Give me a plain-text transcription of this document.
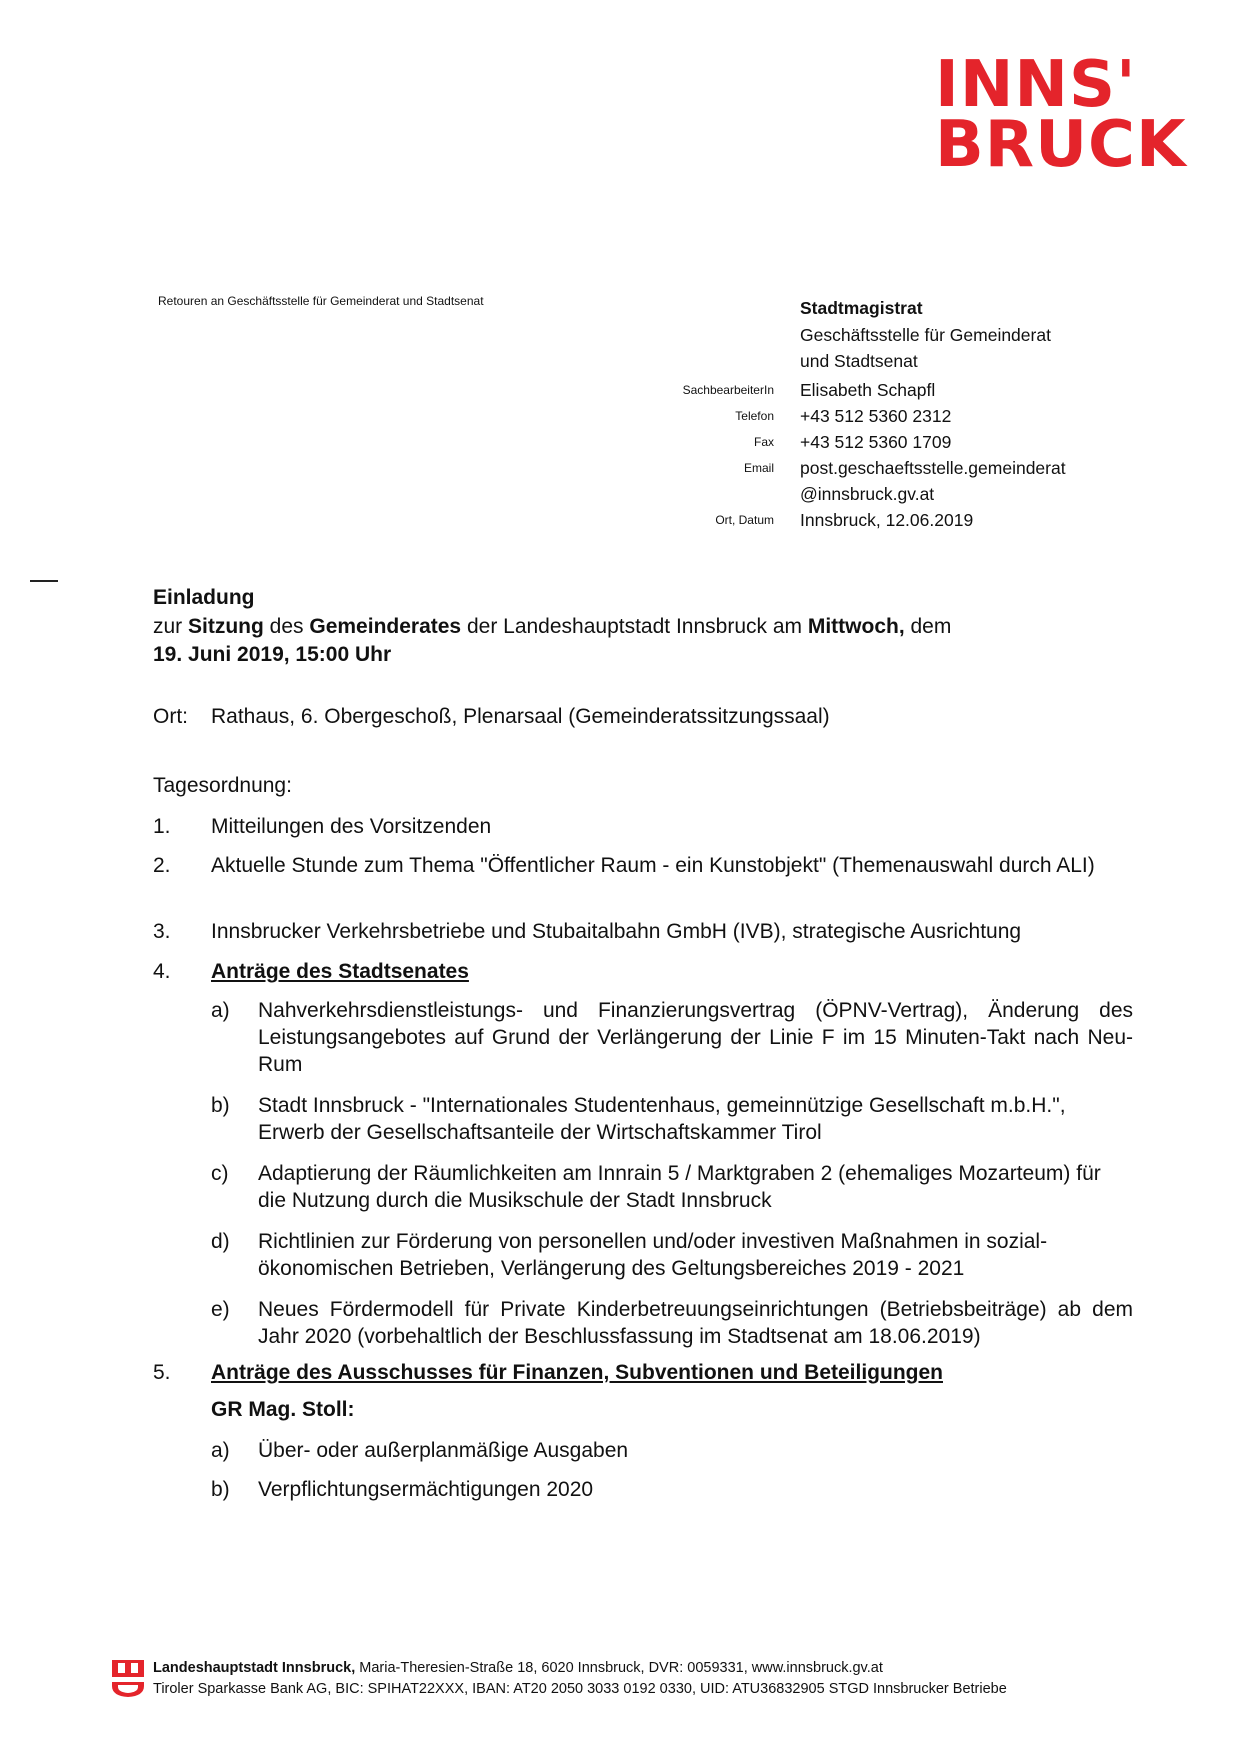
INNS'
BRUCK
Retouren an Geschäftsstelle für Gemeinderat und Stadtsenat	Stadtmagistrat
Geschäftsstelle für Gemeinderat
und Stadtsenat
SachbearbeiterIn Elisabeth Schapfl
Telefon +43 512 5360 2312
Fax +43 512 5360 1709
Email post.geschaeftsstelle.gemeinderat
@innsbruck.gv.at
Ort, Datum Innsbruck, 12.06.2019
Einladung
zur Sitzung des Gemeinderates der Landeshauptstadt Innsbruck am Mittwoch, dem
19. Juni 2019, 15:00 Uhr
Ort: Rathaus, 6. Obergeschoß, Plenarsaal (Gemeinderatssitzungssaal)
Tagesordnung:
1. Mitteilungen des Vorsitzenden
2. Aktuelle Stunde zum Thema "Öffentlicher Raum - ein Kunstobjekt" (Themenauswahl durch ALI)
3. Innsbrucker Verkehrsbetriebe und Stubaitalbahn GmbH (IVB), strategische Ausrichtung
4. Anträge des Stadtsenates
a) Nahverkehrsdienstleistungs- und Finanzierungsvertrag (ÖPNV-Vertrag), Änderung des Leistungsangebotes auf Grund der Verlängerung der Linie F im 15 Minuten-Takt nach Neu-Rum
b) Stadt Innsbruck - "Internationales Studentenhaus, gemeinnützige Gesellschaft m.b.H.", Erwerb der Gesellschaftsanteile der Wirtschaftskammer Tirol
c) Adaptierung der Räumlichkeiten am Innrain 5 / Marktgraben 2 (ehemaliges Mozarteum) für die Nutzung durch die Musikschule der Stadt Innsbruck
d) Richtlinien zur Förderung von personellen und/oder investiven Maßnahmen in sozialökonomischen Betrieben, Verlängerung des Geltungsbereiches 2019 - 2021
e) Neues Fördermodell für Private Kinderbetreuungseinrichtungen (Betriebsbeiträge) ab dem Jahr 2020 (vorbehaltlich der Beschlussfassung im Stadtsenat am 18.06.2019)
5. Anträge des Ausschusses für Finanzen, Subventionen und Beteiligungen
GR Mag. Stoll:
a) Über- oder außerplanmäßige Ausgaben
b) Verpflichtungsermächtigungen 2020
Landeshauptstadt Innsbruck, Maria-Theresien-Straße 18, 6020 Innsbruck, DVR: 0059331, www.innsbruck.gv.at
Tiroler Sparkasse Bank AG, BIC: SPIHAT22XXX, IBAN: AT20 2050 3033 0192 0330, UID: ATU36832905 STGD Innsbrucker Betriebe
